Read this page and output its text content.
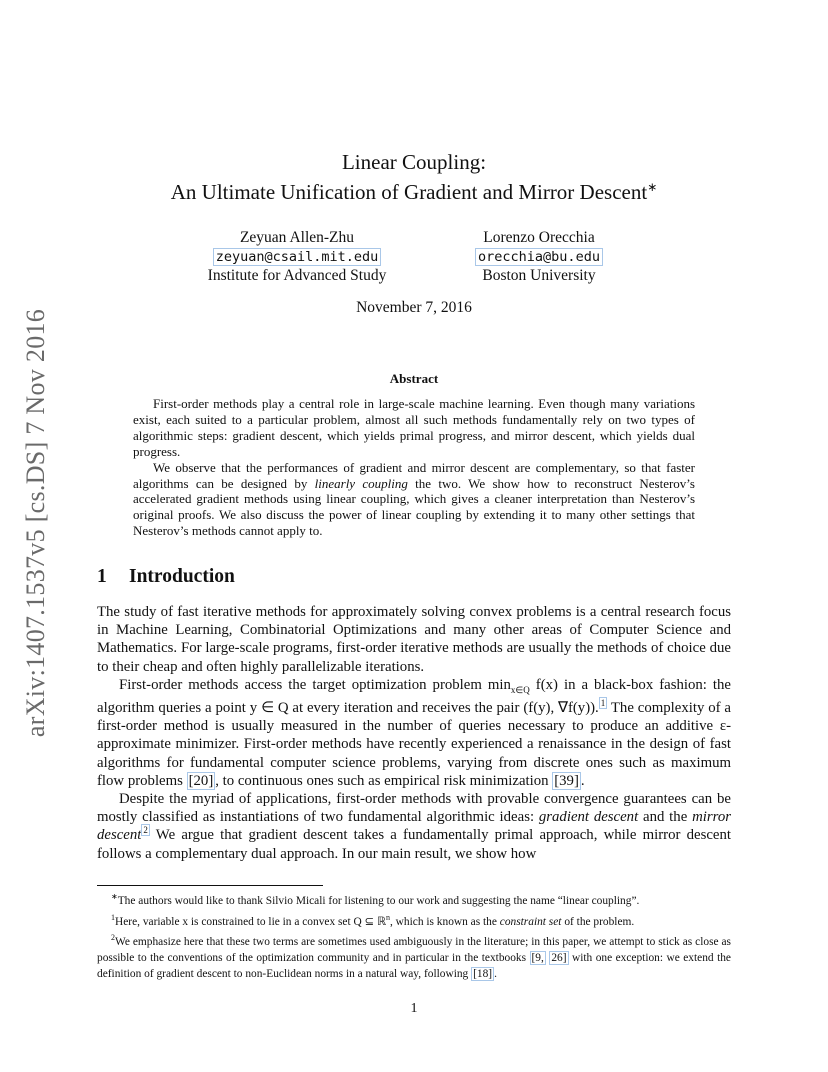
arXiv:1407.1537v5 [cs.DS] 7 Nov 2016
Linear Coupling:
An Ultimate Unification of Gradient and Mirror Descent∗
Zeyuan Allen-Zhu
zeyuan@csail.mit.edu
Institute for Advanced Study
Lorenzo Orecchia
orecchia@bu.edu
Boston University
November 7, 2016
Abstract

First-order methods play a central role in large-scale machine learning. Even though many variations exist, each suited to a particular problem, almost all such methods fundamentally rely on two types of algorithmic steps: gradient descent, which yields primal progress, and mirror descent, which yields dual progress.

We observe that the performances of gradient and mirror descent are complementary, so that faster algorithms can be designed by linearly coupling the two. We show how to reconstruct Nesterov’s accelerated gradient methods using linear coupling, which gives a cleaner interpretation than Nesterov’s original proofs. We also discuss the power of linear coupling by extending it to many other settings that Nesterov’s methods cannot apply to.

1 Introduction

The study of fast iterative methods for approximately solving convex problems is a central research focus in Machine Learning, Combinatorial Optimizations and many other areas of Computer Science and Mathematics. For large-scale programs, first-order iterative methods are usually the methods of choice due to their cheap and often highly parallelizable iterations.

First-order methods access the target optimization problem $\min_{x\in Q} f(x)$ in a black-box fashion: the algorithm queries a point y ∈ Q at every iteration and receives the pair (f(y), ∇f(y)). $^1$ The complexity of a first-order method is usually measured in the number of queries necessary to produce an additive ε-approximate minimizer. First-order methods have recently experienced a renaissance in the design of fast algorithms for fundamental computer science problems, varying from discrete ones such as maximum flow problems [20] , to continuous ones such as empirical risk minimization [39] .

Despite the myriad of applications, first-order methods with provable convergence guarantees can be mostly classified as instantiations of two fundamental algorithmic ideas: gradient descent and the mirror descent $^2$ We argue that gradient descent takes a fundamentally primal approach, while mirror descent follows a complementary dual approach. In our main result, we show how

∗The authors would like to thank Silvio Micali for listening to our work and suggesting the name “linear coupling”.

$^1$Here, variable x is constrained to lie in a convex set Q ⊆ ℝ$^n$, which is known as the constraint set of the problem.

$^2$We emphasize here that these two terms are sometimes used ambiguously in the literature; in this paper, we attempt to stick as close as possible to the conventions of the optimization community and in particular in the textbooks [9, 26] with one exception: we extend the definition of gradient descent to non-Euclidean norms in a natural way, following [18] .

1
